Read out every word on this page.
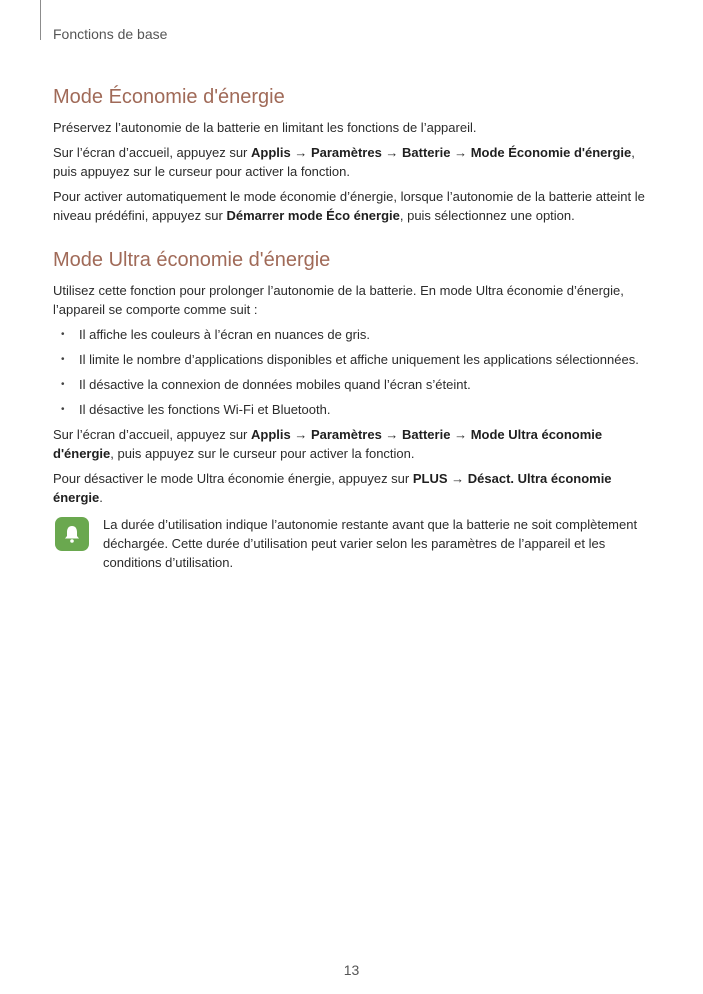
Fonctions de base
Mode Économie d'énergie

Préservez l’autonomie de la batterie en limitant les fonctions de l’appareil.

Sur l’écran d’accueil, appuyez sur Applis → Paramètres → Batterie → Mode Économie d'énergie, puis appuyez sur le curseur pour activer la fonction.

Pour activer automatiquement le mode économie d’énergie, lorsque l’autonomie de la batterie atteint le niveau prédéfini, appuyez sur Démarrer mode Éco énergie, puis sélectionnez une option.

Mode Ultra économie d'énergie

Utilisez cette fonction pour prolonger l’autonomie de la batterie. En mode Ultra économie d’énergie, l’appareil se comporte comme suit :

• Il affiche les couleurs à l’écran en nuances de gris.
• Il limite le nombre d’applications disponibles et affiche uniquement les applications sélectionnées.
• Il désactive la connexion de données mobiles quand l’écran s’éteint.
• Il désactive les fonctions Wi-Fi et Bluetooth.

Sur l’écran d’accueil, appuyez sur Applis → Paramètres → Batterie → Mode Ultra économie d'énergie, puis appuyez sur le curseur pour activer la fonction.

Pour désactiver le mode Ultra économie énergie, appuyez sur PLUS → Désact. Ultra économie énergie.

La durée d’utilisation indique l’autonomie restante avant que la batterie ne soit complètement déchargée. Cette durée d’utilisation peut varier selon les paramètres de l’appareil et les conditions d’utilisation.

13
